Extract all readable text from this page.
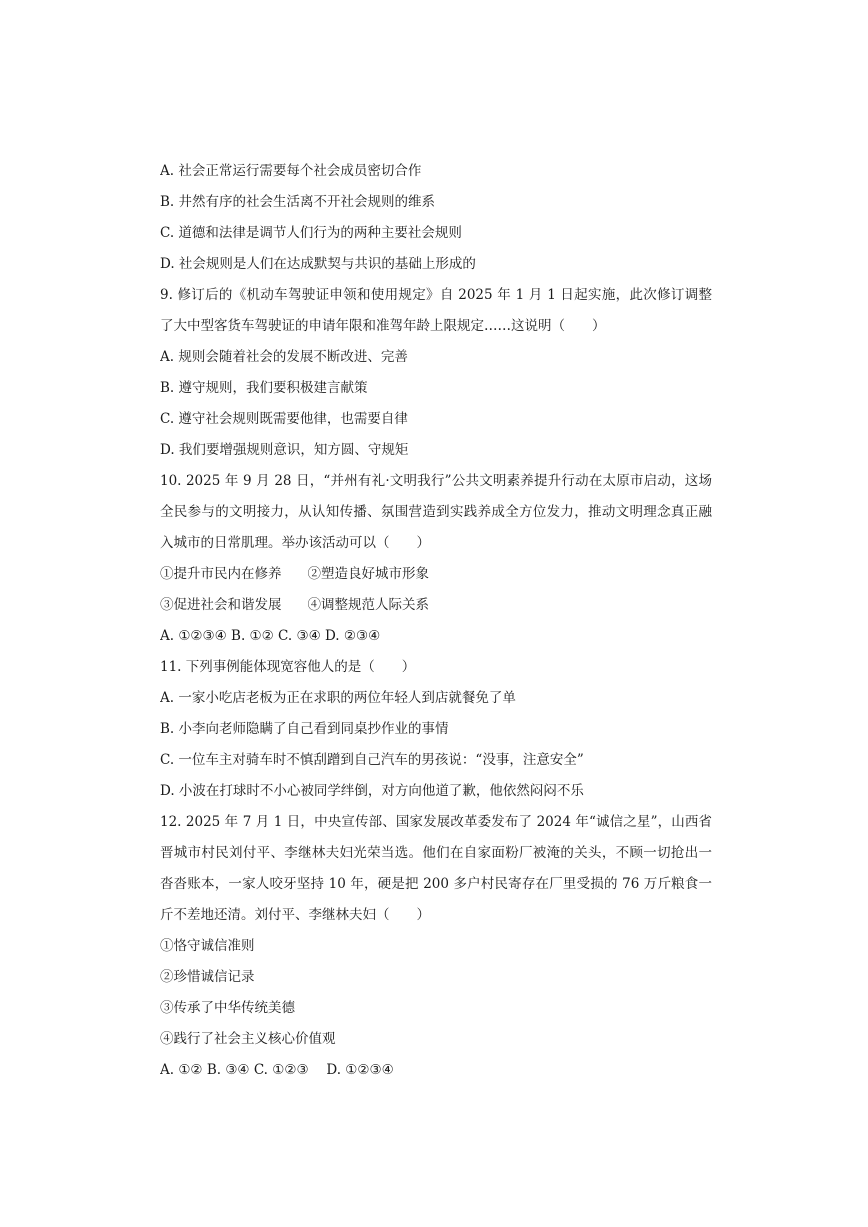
A. 社会正常运行需要每个社会成员密切合作
B. 井然有序的社会生活离不开社会规则的维系
C. 道德和法律是调节人们行为的两种主要社会规则
D. 社会规则是人们在达成默契与共识的基础上形成的
9. 修订后的《机动车驾驶证申领和使用规定》自 2025 年 1 月 1 日起实施，此次修订调整了大中型客货车驾驶证的申请年限和准驾年龄上限规定……这说明（　　）
A. 规则会随着社会的发展不断改进、完善
B. 遵守规则，我们要积极建言献策
C. 遵守社会规则既需要他律，也需要自律
D. 我们要增强规则意识，知方圆、守规矩
10. 2025 年 9 月 28 日，“并州有礼·文明我行”公共文明素养提升行动在太原市启动，这场全民参与的文明接力，从认知传播、氛围营造到实践养成全方位发力，推动文明理念真正融入城市的日常肌理。举办该活动可以（　　）
①提升市民内在修养 ②塑造良好城市形象
③促进社会和谐发展 ④调整规范人际关系
A. ①②③④ B. ①② C. ③④ D. ②③④
11. 下列事例能体现宽容他人的是（　　）
A. 一家小吃店老板为正在求职的两位年轻人到店就餐免了单
B. 小李向老师隐瞒了自己看到同桌抄作业的事情
C. 一位车主对骑车时不慎刮蹭到自己汽车的男孩说：“没事，注意安全”
D. 小波在打球时不小心被同学绊倒，对方向他道了歉，他依然闷闷不乐
12. 2025 年 7 月 1 日，中央宣传部、国家发展改革委发布了 2024 年“诚信之星”，山西省晋城市村民刘付平、李继林夫妇光荣当选。他们在自家面粉厂被淹的关头，不顾一切抢出一沓沓账本，一家人咬牙坚持 10 年，硬是把 200 多户村民寄存在厂里受损的 76 万斤粮食一斤不差地还清。刘付平、李继林夫妇（　　）
①恪守诚信准则
②珍惜诚信记录
③传承了中华传统美德
④践行了社会主义核心价值观
A. ①② B. ③④ C. ①②③　 D. ①②③④
